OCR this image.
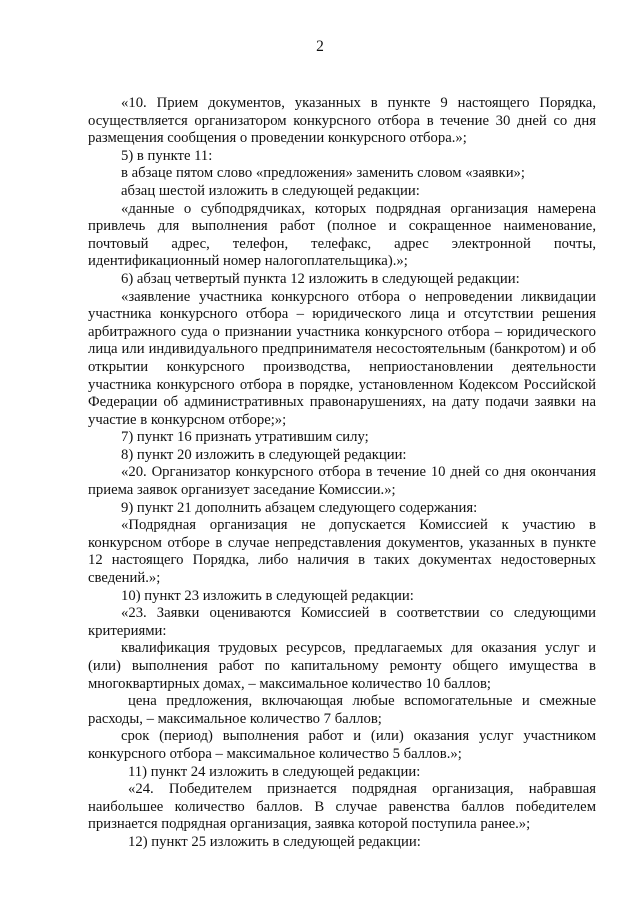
2

«10. Прием документов, указанных в пункте 9 настоящего Порядка, осуществляется организатором конкурсного отбора в течение 30 дней со дня размещения сообщения о проведении конкурсного отбора.»;

5) в пункте 11:

в абзаце пятом слово «предложения» заменить словом «заявки»;

абзац шестой изложить в следующей редакции:

«данные о субподрядчиках, которых подрядная организация намерена привлечь для выполнения работ (полное и сокращенное наименование, почтовый адрес, телефон, телефакс, адрес электронной почты, идентификационный номер налогоплательщика).»;

6) абзац четвертый пункта 12 изложить в следующей редакции:

«заявление участника конкурсного отбора о непроведении ликвидации участника конкурсного отбора – юридического лица и отсутствии решения арбитражного суда о признании участника конкурсного отбора – юридического лица или индивидуального предпринимателя несостоятельным (банкротом) и об открытии конкурсного производства, неприостановлении деятельности участника конкурсного отбора в порядке, установленном Кодексом Российской Федерации об административных правонарушениях, на дату подачи заявки на участие в конкурсном отборе;»;

7) пункт 16 признать утратившим силу;

8) пункт 20 изложить в следующей редакции:

«20. Организатор конкурсного отбора в течение 10 дней со дня окончания приема заявок организует заседание Комиссии.»;

9) пункт 21 дополнить абзацем следующего содержания:

«Подрядная организация не допускается Комиссией к участию в конкурсном отборе в случае непредставления документов, указанных в пункте 12 настоящего Порядка, либо наличия в таких документах недостоверных сведений.»;

10) пункт 23 изложить в следующей редакции:

«23. Заявки оцениваются Комиссией в соответствии со следующими критериями:

квалификация трудовых ресурсов, предлагаемых для оказания услуг и (или) выполнения работ по капитальному ремонту общего имущества в многоквартирных домах, – максимальное количество 10 баллов;

цена предложения, включающая любые вспомогательные и смежные расходы, – максимальное количество 7 баллов;

срок (период) выполнения работ и (или) оказания услуг участником конкурсного отбора – максимальное количество 5 баллов.»;

11) пункт 24 изложить в следующей редакции:

«24. Победителем признается подрядная организация, набравшая наибольшее количество баллов. В случае равенства баллов победителем признается подрядная организация, заявка которой поступила ранее.»;

12) пункт 25 изложить в следующей редакции:
